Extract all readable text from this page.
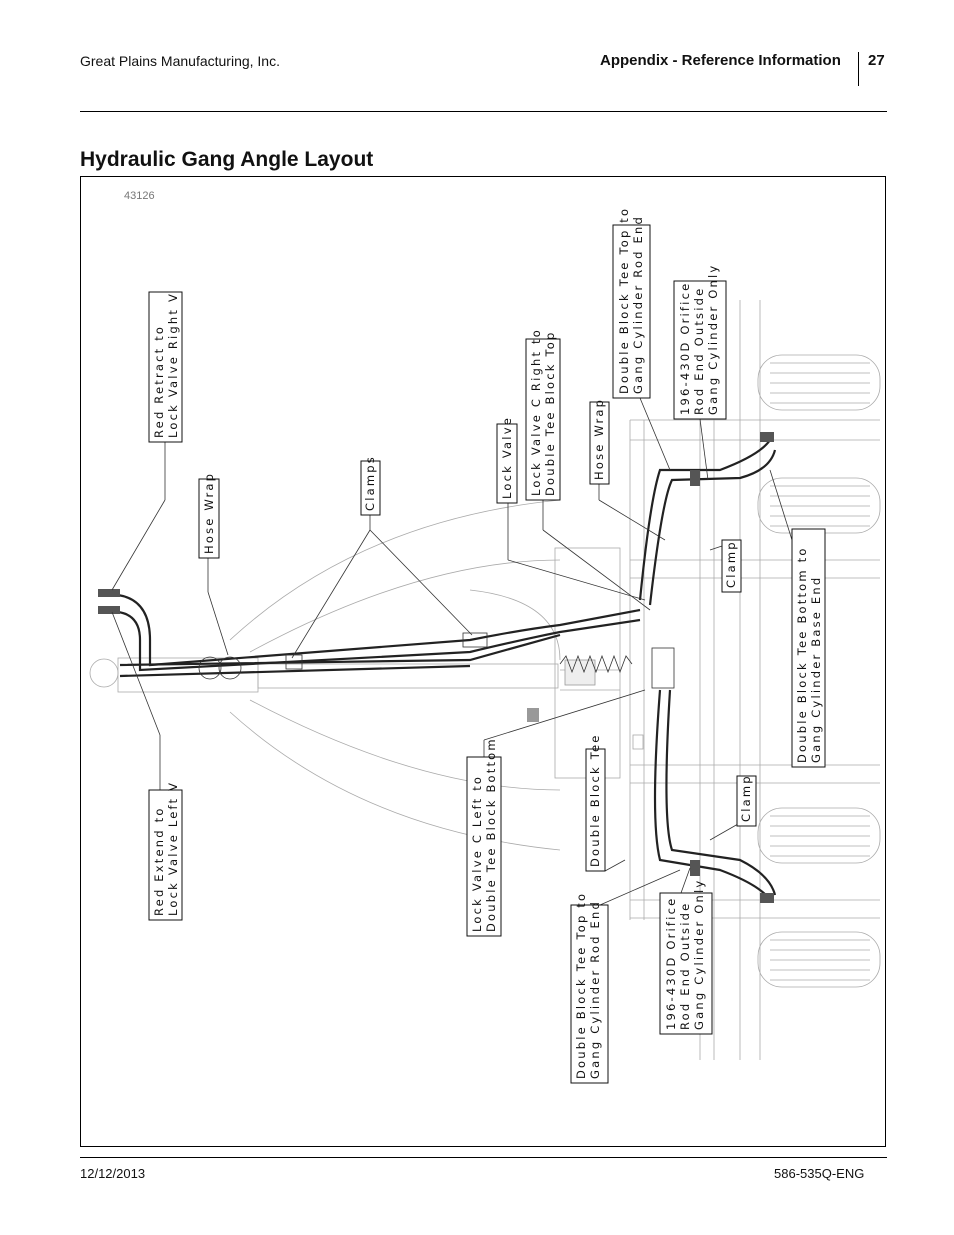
Great Plains Manufacturing, Inc.	Appendix - Reference Information 27
Hydraulic Gang Angle Layout
43126
Red Retract to Lock Valve Right V
Hose Wrap	Clamps	Lock Valve Lock Valve C Right to Double Tee Block Top	Hose Wrap
Double Block Tee Top to Gang Cylinder Rod End	196-430D Orifice Rod End Outside Gang Cylinder Only
Clamp	Double Block Tee Bottom to Gang Cylinder Base End
Red Extend to Lock Valve Left V	Lock Valve C Left to Double Tee Block Bottom	Double Block Tee	Clamp
196-430D Orifice Rod End Outside Gang Cylinder Only
Double Block Tee Top to Gang Cylinder Rod End
12/12/2013	586-535Q-ENG
